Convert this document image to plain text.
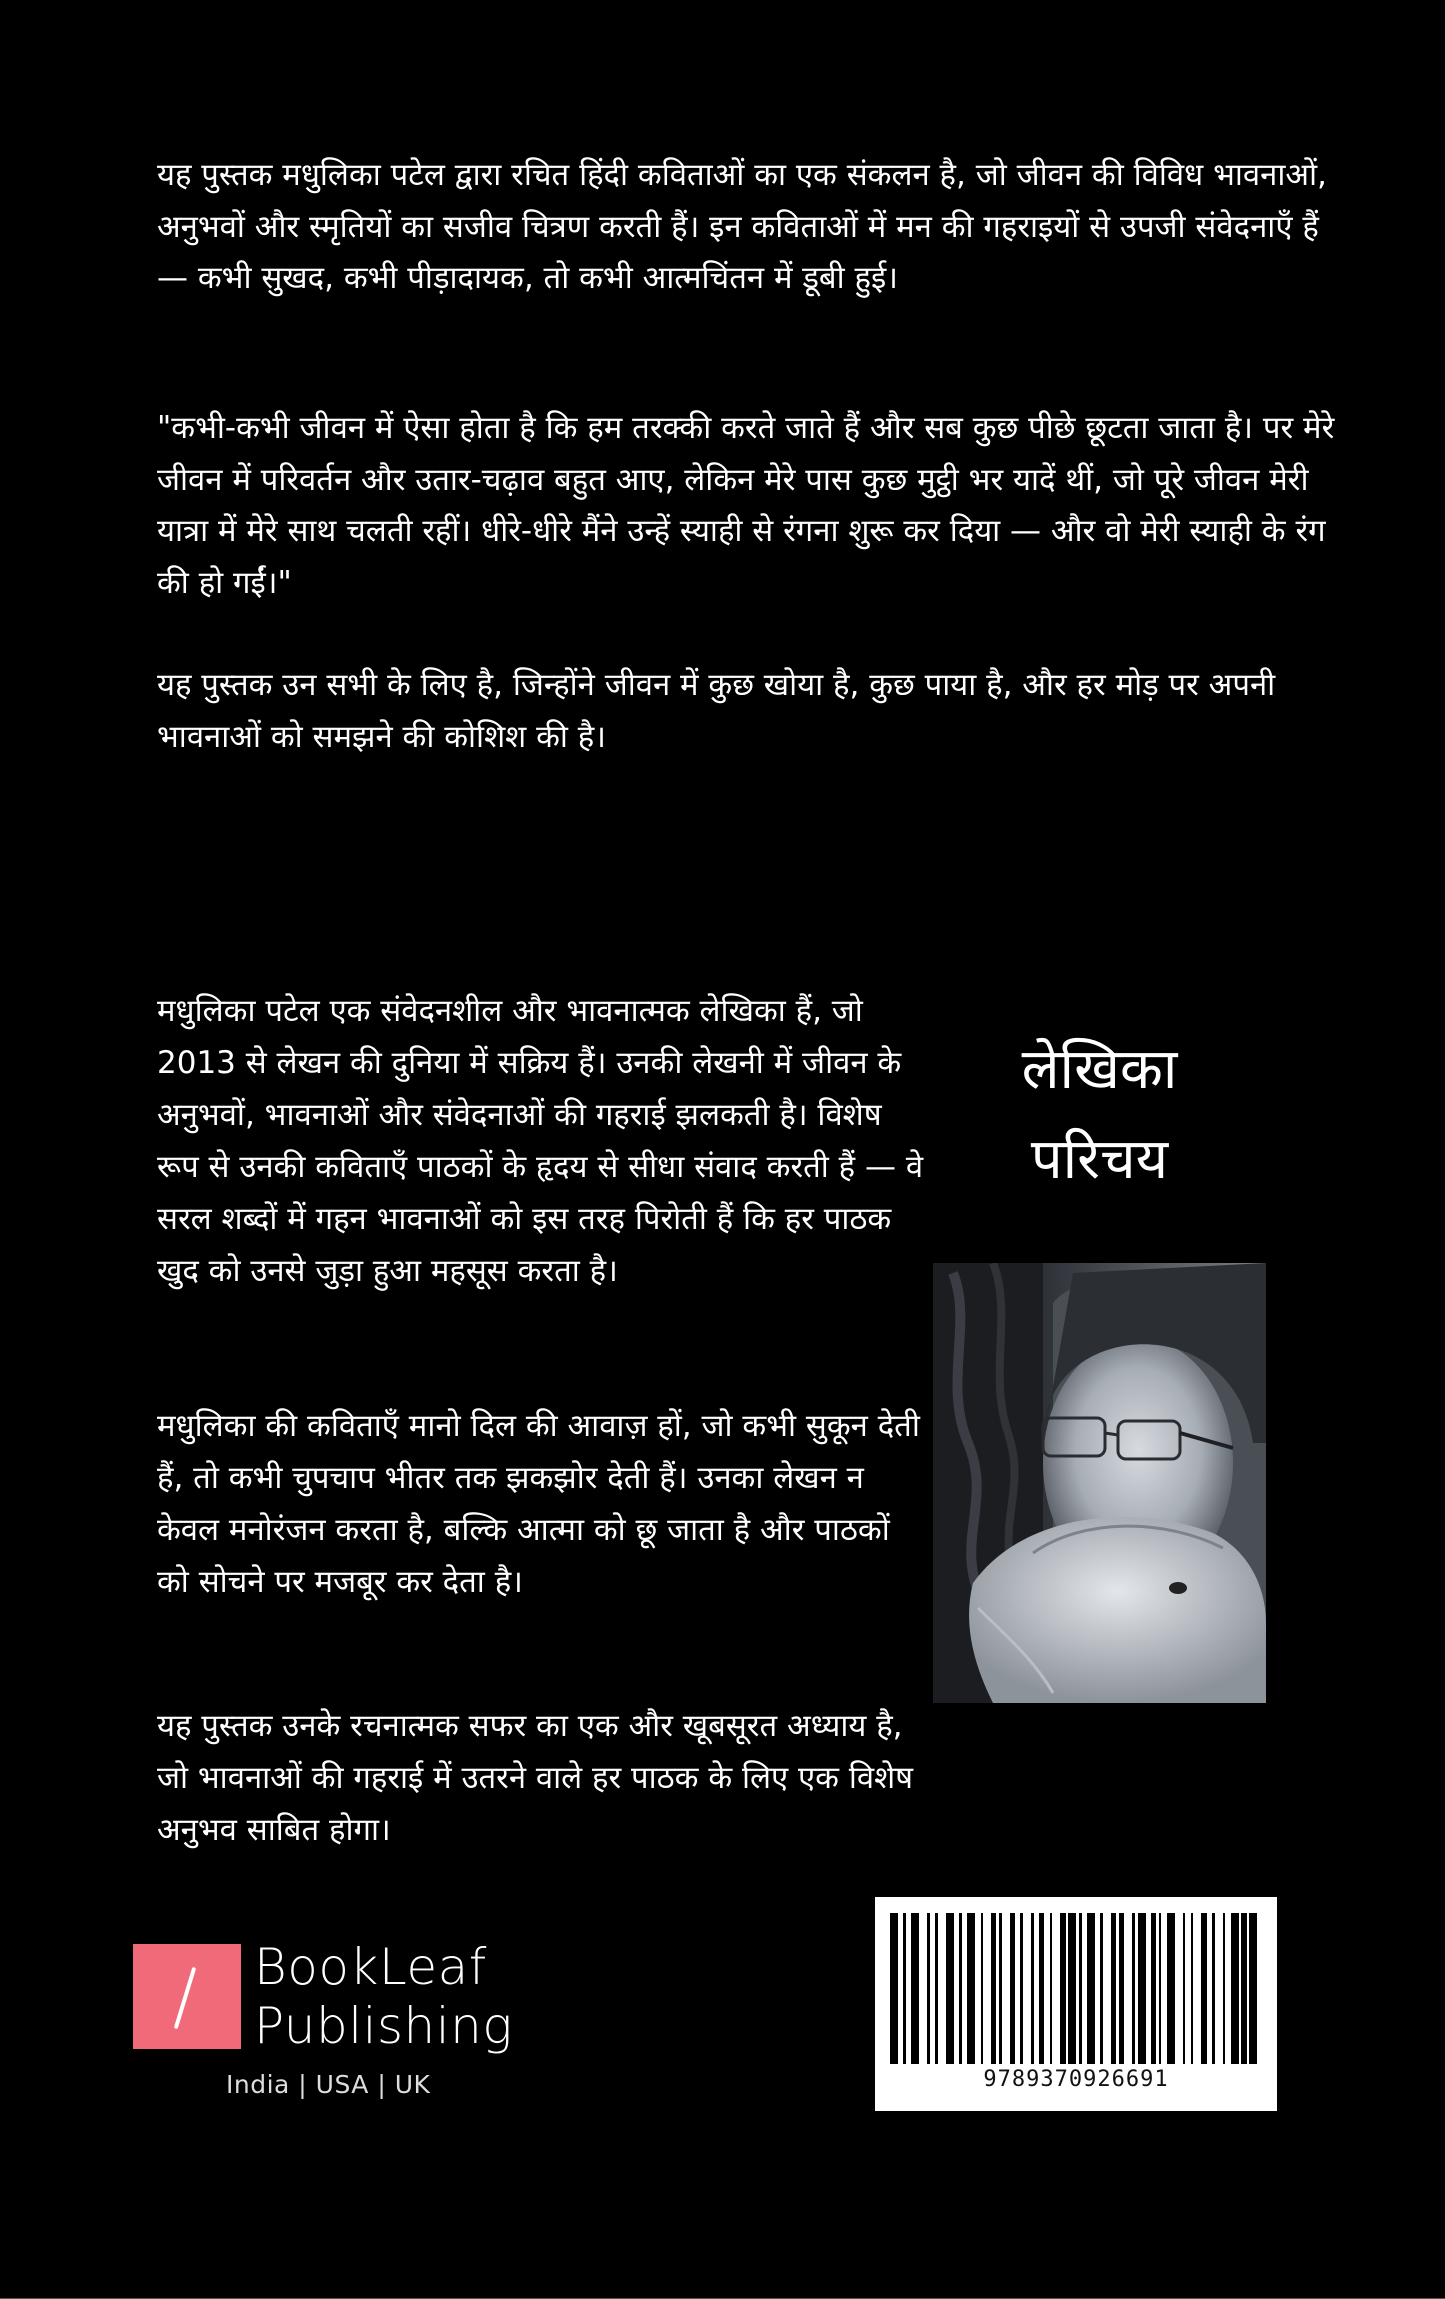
यह पुस्तक मधुलिका पटेल द्वारा रचित हिंदी कविताओं का एक संकलन है, जो जीवन की विविध भावनाओं, अनुभवों और स्मृतियों का सजीव चित्रण करती हैं। इन कविताओं में मन की गहराइयों से उपजी संवेदनाएँ हैं — कभी सुखद, कभी पीड़ादायक, तो कभी आत्मचिंतन में डूबी हुई।

"कभी-कभी जीवन में ऐसा होता है कि हम तरक्की करते जाते हैं और सब कुछ पीछे छूटता जाता है। पर मेरे जीवन में परिवर्तन और उतार-चढ़ाव बहुत आए, लेकिन मेरे पास कुछ मुट्ठी भर यादें थीं, जो पूरे जीवन मेरी यात्रा में मेरे साथ चलती रहीं। धीरे-धीरे मैंने उन्हें स्याही से रंगना शुरू कर दिया — और वो मेरी स्याही के रंग की हो गईं।"

यह पुस्तक उन सभी के लिए है, जिन्होंने जीवन में कुछ खोया है, कुछ पाया है, और हर मोड़ पर अपनी भावनाओं को समझने की कोशिश की है।

मधुलिका पटेल एक संवेदनशील और भावनात्मक लेखिका हैं, जो 2013 से लेखन की दुनिया में सक्रिय हैं। उनकी लेखनी में जीवन के अनुभवों, भावनाओं और संवेदनाओं की गहराई झलकती है। विशेष रूप से उनकी कविताएँ पाठकों के हृदय से सीधा संवाद करती हैं — वे सरल शब्दों में गहन भावनाओं को इस तरह पिरोती हैं कि हर पाठक खुद को उनसे जुड़ा हुआ महसूस करता है।

मधुलिका की कविताएँ मानो दिल की आवाज़ हों, जो कभी सुकून देती हैं, तो कभी चुपचाप भीतर तक झकझोर देती हैं। उनका लेखन न केवल मनोरंजन करता है, बल्कि आत्मा को छू जाता है और पाठकों को सोचने पर मजबूर कर देता है।

यह पुस्तक उनके रचनात्मक सफर का एक और खूबसूरत अध्याय है, जो भावनाओं की गहराई में उतरने वाले हर पाठक के लिए एक विशेष अनुभव साबित होगा।

लेखिका
परिचय
BookLeaf
Publishing
India | USA | UK	9789370926691
